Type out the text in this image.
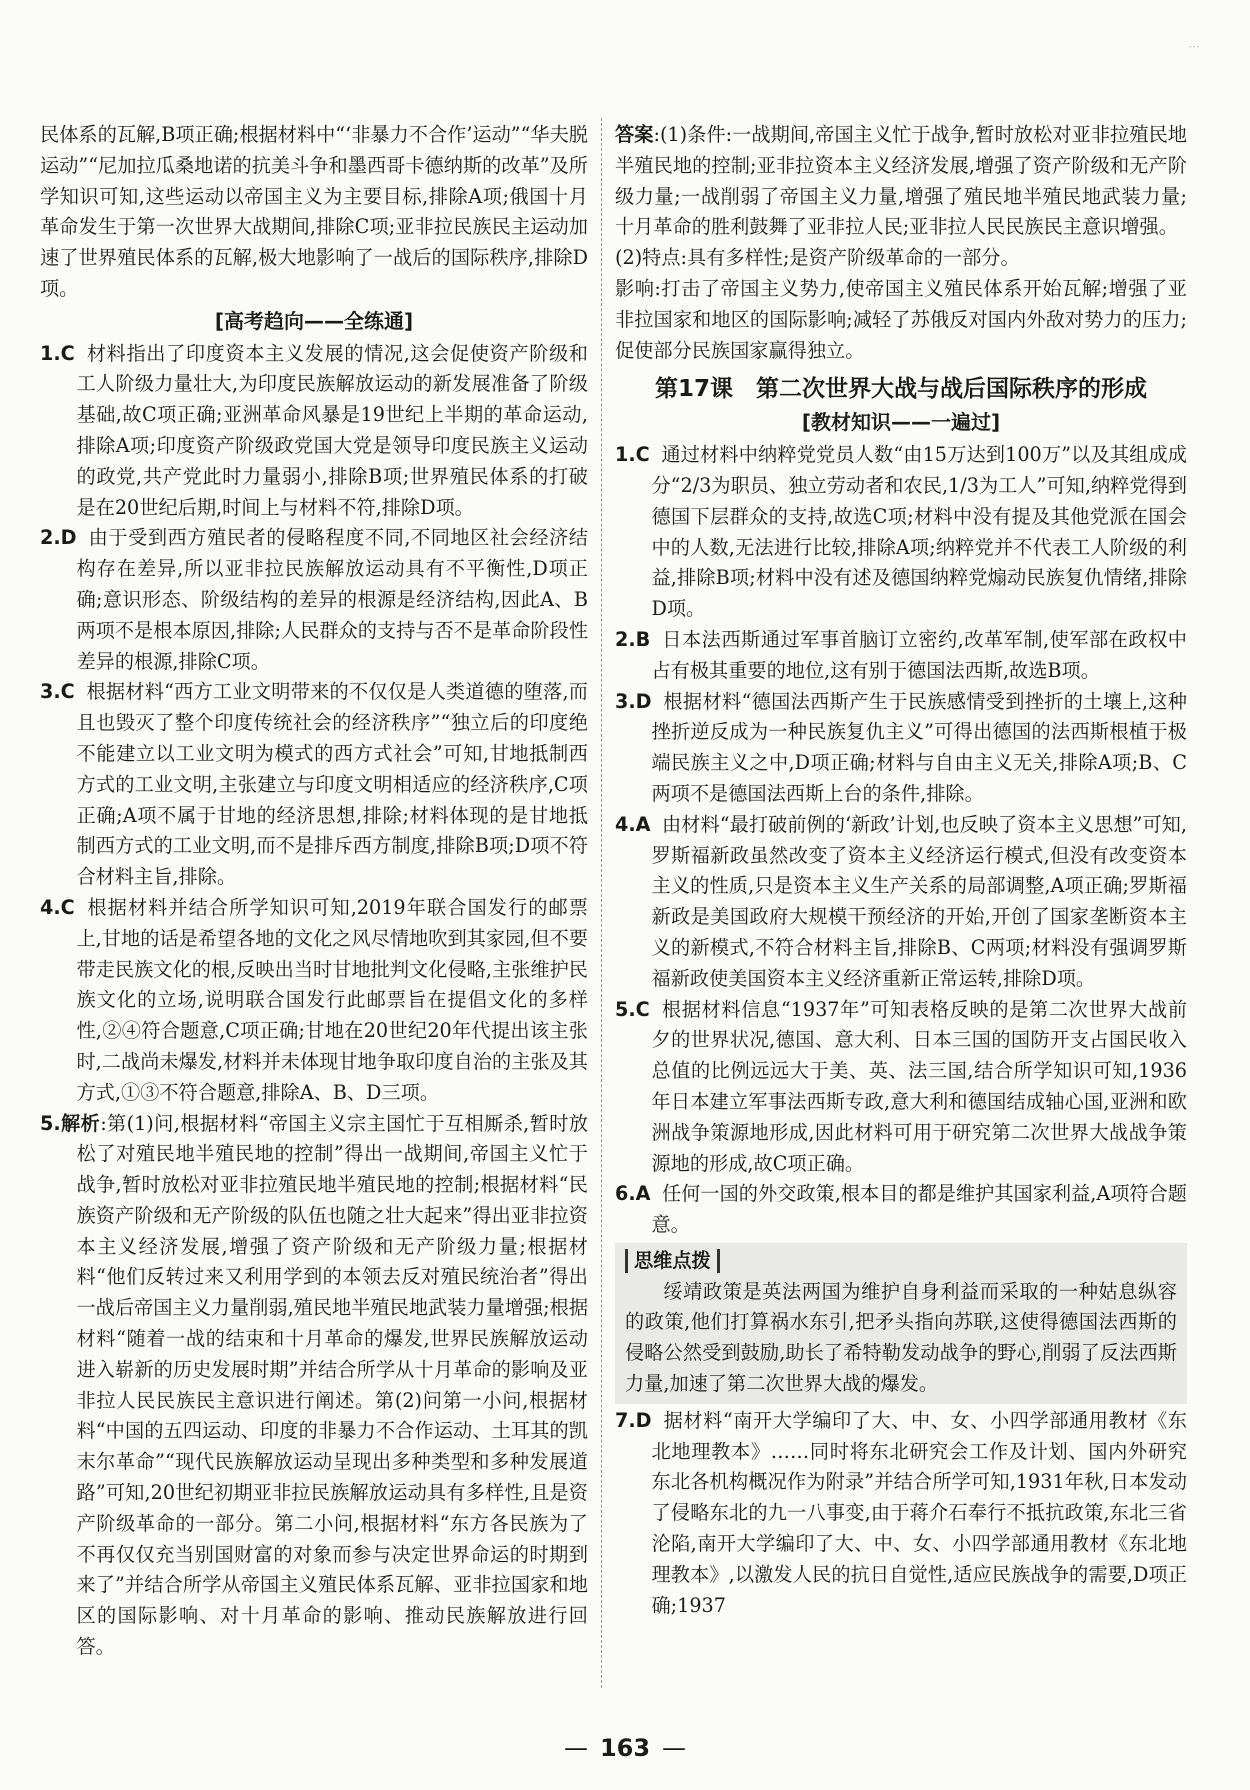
···

民体系的瓦解,B项正确;根据材料中“‘非暴力不合作’运动”“华夫脱运动”“尼加拉瓜桑地诺的抗美斗争和墨西哥卡德纳斯的改革”及所学知识可知,这些运动以帝国主义为主要目标,排除A项;俄国十月革命发生于第一次世界大战期间,排除C项;亚非拉民族民主运动加速了世界殖民体系的瓦解,极大地影响了一战后的国际秩序,排除D项。

[高考趋向——全练通]

1.C 材料指出了印度资本主义发展的情况,这会促使资产阶级和工人阶级力量壮大,为印度民族解放运动的新发展准备了阶级基础,故C项正确;亚洲革命风暴是19世纪上半期的革命运动,排除A项;印度资产阶级政党国大党是领导印度民族主义运动的政党,共产党此时力量弱小,排除B项;世界殖民体系的打破是在20世纪后期,时间上与材料不符,排除D项。

2.D 由于受到西方殖民者的侵略程度不同,不同地区社会经济结构存在差异,所以亚非拉民族解放运动具有不平衡性,D项正确;意识形态、阶级结构的差异的根源是经济结构,因此A、B两项不是根本原因,排除;人民群众的支持与否不是革命阶段性差异的根源,排除C项。

3.C 根据材料“西方工业文明带来的不仅仅是人类道德的堕落,而且也毁灭了整个印度传统社会的经济秩序”“独立后的印度绝不能建立以工业文明为模式的西方式社会”可知,甘地抵制西方式的工业文明,主张建立与印度文明相适应的经济秩序,C项正确;A项不属于甘地的经济思想,排除;材料体现的是甘地抵制西方式的工业文明,而不是排斥西方制度,排除B项;D项不符合材料主旨,排除。

4.C 根据材料并结合所学知识可知,2019年联合国发行的邮票上,甘地的话是希望各地的文化之风尽情地吹到其家园,但不要带走民族文化的根,反映出当时甘地批判文化侵略,主张维护民族文化的立场,说明联合国发行此邮票旨在提倡文化的多样性,②④符合题意,C项正确;甘地在20世纪20年代提出该主张时,二战尚未爆发,材料并未体现甘地争取印度自治的主张及其方式,①③不符合题意,排除A、B、D三项。

5.解析:第(1)问,根据材料“帝国主义宗主国忙于互相厮杀,暂时放松了对殖民地半殖民地的控制”得出一战期间,帝国主义忙于战争,暂时放松对亚非拉殖民地半殖民地的控制;根据材料“民族资产阶级和无产阶级的队伍也随之壮大起来”得出亚非拉资本主义经济发展,增强了资产阶级和无产阶级力量;根据材料“他们反转过来又利用学到的本领去反对殖民统治者”得出一战后帝国主义力量削弱,殖民地半殖民地武装力量增强;根据材料“随着一战的结束和十月革命的爆发,世界民族解放运动进入崭新的历史发展时期”并结合所学从十月革命的影响及亚非拉人民民族民主意识进行阐述。第(2)问第一小问,根据材料“中国的五四运动、印度的非暴力不合作运动、土耳其的凯末尔革命”“现代民族解放运动呈现出多种类型和多种发展道路”可知,20世纪初期亚非拉民族解放运动具有多样性,且是资产阶级革命的一部分。第二小问,根据材料“东方各民族为了不再仅仅充当别国财富的对象而参与决定世界命运的时期到来了”并结合所学从帝国主义殖民体系瓦解、亚非拉国家和地区的国际影响、对十月革命的影响、推动民族解放进行回答。

答案:(1)条件:一战期间,帝国主义忙于战争,暂时放松对亚非拉殖民地半殖民地的控制;亚非拉资本主义经济发展,增强了资产阶级和无产阶级力量;一战削弱了帝国主义力量,增强了殖民地半殖民地武装力量;十月革命的胜利鼓舞了亚非拉人民;亚非拉人民民族民主意识增强。

(2)特点:具有多样性;是资产阶级革命的一部分。

影响:打击了帝国主义势力,使帝国主义殖民体系开始瓦解;增强了亚非拉国家和地区的国际影响;减轻了苏俄反对国内外敌对势力的压力;促使部分民族国家赢得独立。

第17课　第二次世界大战与战后国际秩序的形成
[教材知识——一遍过]

1.C 通过材料中纳粹党党员人数“由15万达到100万”以及其组成成分“2/3为职员、独立劳动者和农民,1/3为工人”可知,纳粹党得到德国下层群众的支持,故选C项;材料中没有提及其他党派在国会中的人数,无法进行比较,排除A项;纳粹党并不代表工人阶级的利益,排除B项;材料中没有述及德国纳粹党煽动民族复仇情绪,排除D项。

2.B 日本法西斯通过军事首脑订立密约,改革军制,使军部在政权中占有极其重要的地位,这有别于德国法西斯,故选B项。

3.D 根据材料“德国法西斯产生于民族感情受到挫折的土壤上,这种挫折逆反成为一种民族复仇主义”可得出德国的法西斯根植于极端民族主义之中,D项正确;材料与自由主义无关,排除A项;B、C两项不是德国法西斯上台的条件,排除。

4.A 由材料“最打破前例的‘新政’计划,也反映了资本主义思想”可知,罗斯福新政虽然改变了资本主义经济运行模式,但没有改变资本主义的性质,只是资本主义生产关系的局部调整,A项正确;罗斯福新政是美国政府大规模干预经济的开始,开创了国家垄断资本主义的新模式,不符合材料主旨,排除B、C两项;材料没有强调罗斯福新政使美国资本主义经济重新正常运转,排除D项。

5.C 根据材料信息“1937年”可知表格反映的是第二次世界大战前夕的世界状况,德国、意大利、日本三国的国防开支占国民收入总值的比例远远大于美、英、法三国,结合所学知识可知,1936年日本建立军事法西斯专政,意大利和德国结成轴心国,亚洲和欧洲战争策源地形成,因此材料可用于研究第二次世界大战战争策源地的形成,故C项正确。

6.A 任何一国的外交政策,根本目的都是维护其国家利益,A项符合题意。

思维点拨

绥靖政策是英法两国为维护自身利益而采取的一种姑息纵容的政策,他们打算祸水东引,把矛头指向苏联,这使得德国法西斯的侵略公然受到鼓励,助长了希特勒发动战争的野心,削弱了反法西斯力量,加速了第二次世界大战的爆发。

7.D 据材料“南开大学编印了大、中、女、小四学部通用教材《东北地理教本》……同时将东北研究会工作及计划、国内外研究东北各机构概况作为附录”并结合所学可知,1931年秋,日本发动了侵略东北的九一八事变,由于蒋介石奉行不抵抗政策,东北三省沦陷,南开大学编印了大、中、女、小四学部通用教材《东北地理教本》,以激发人民的抗日自觉性,适应民族战争的需要,D项正确;1937

— 163 —
